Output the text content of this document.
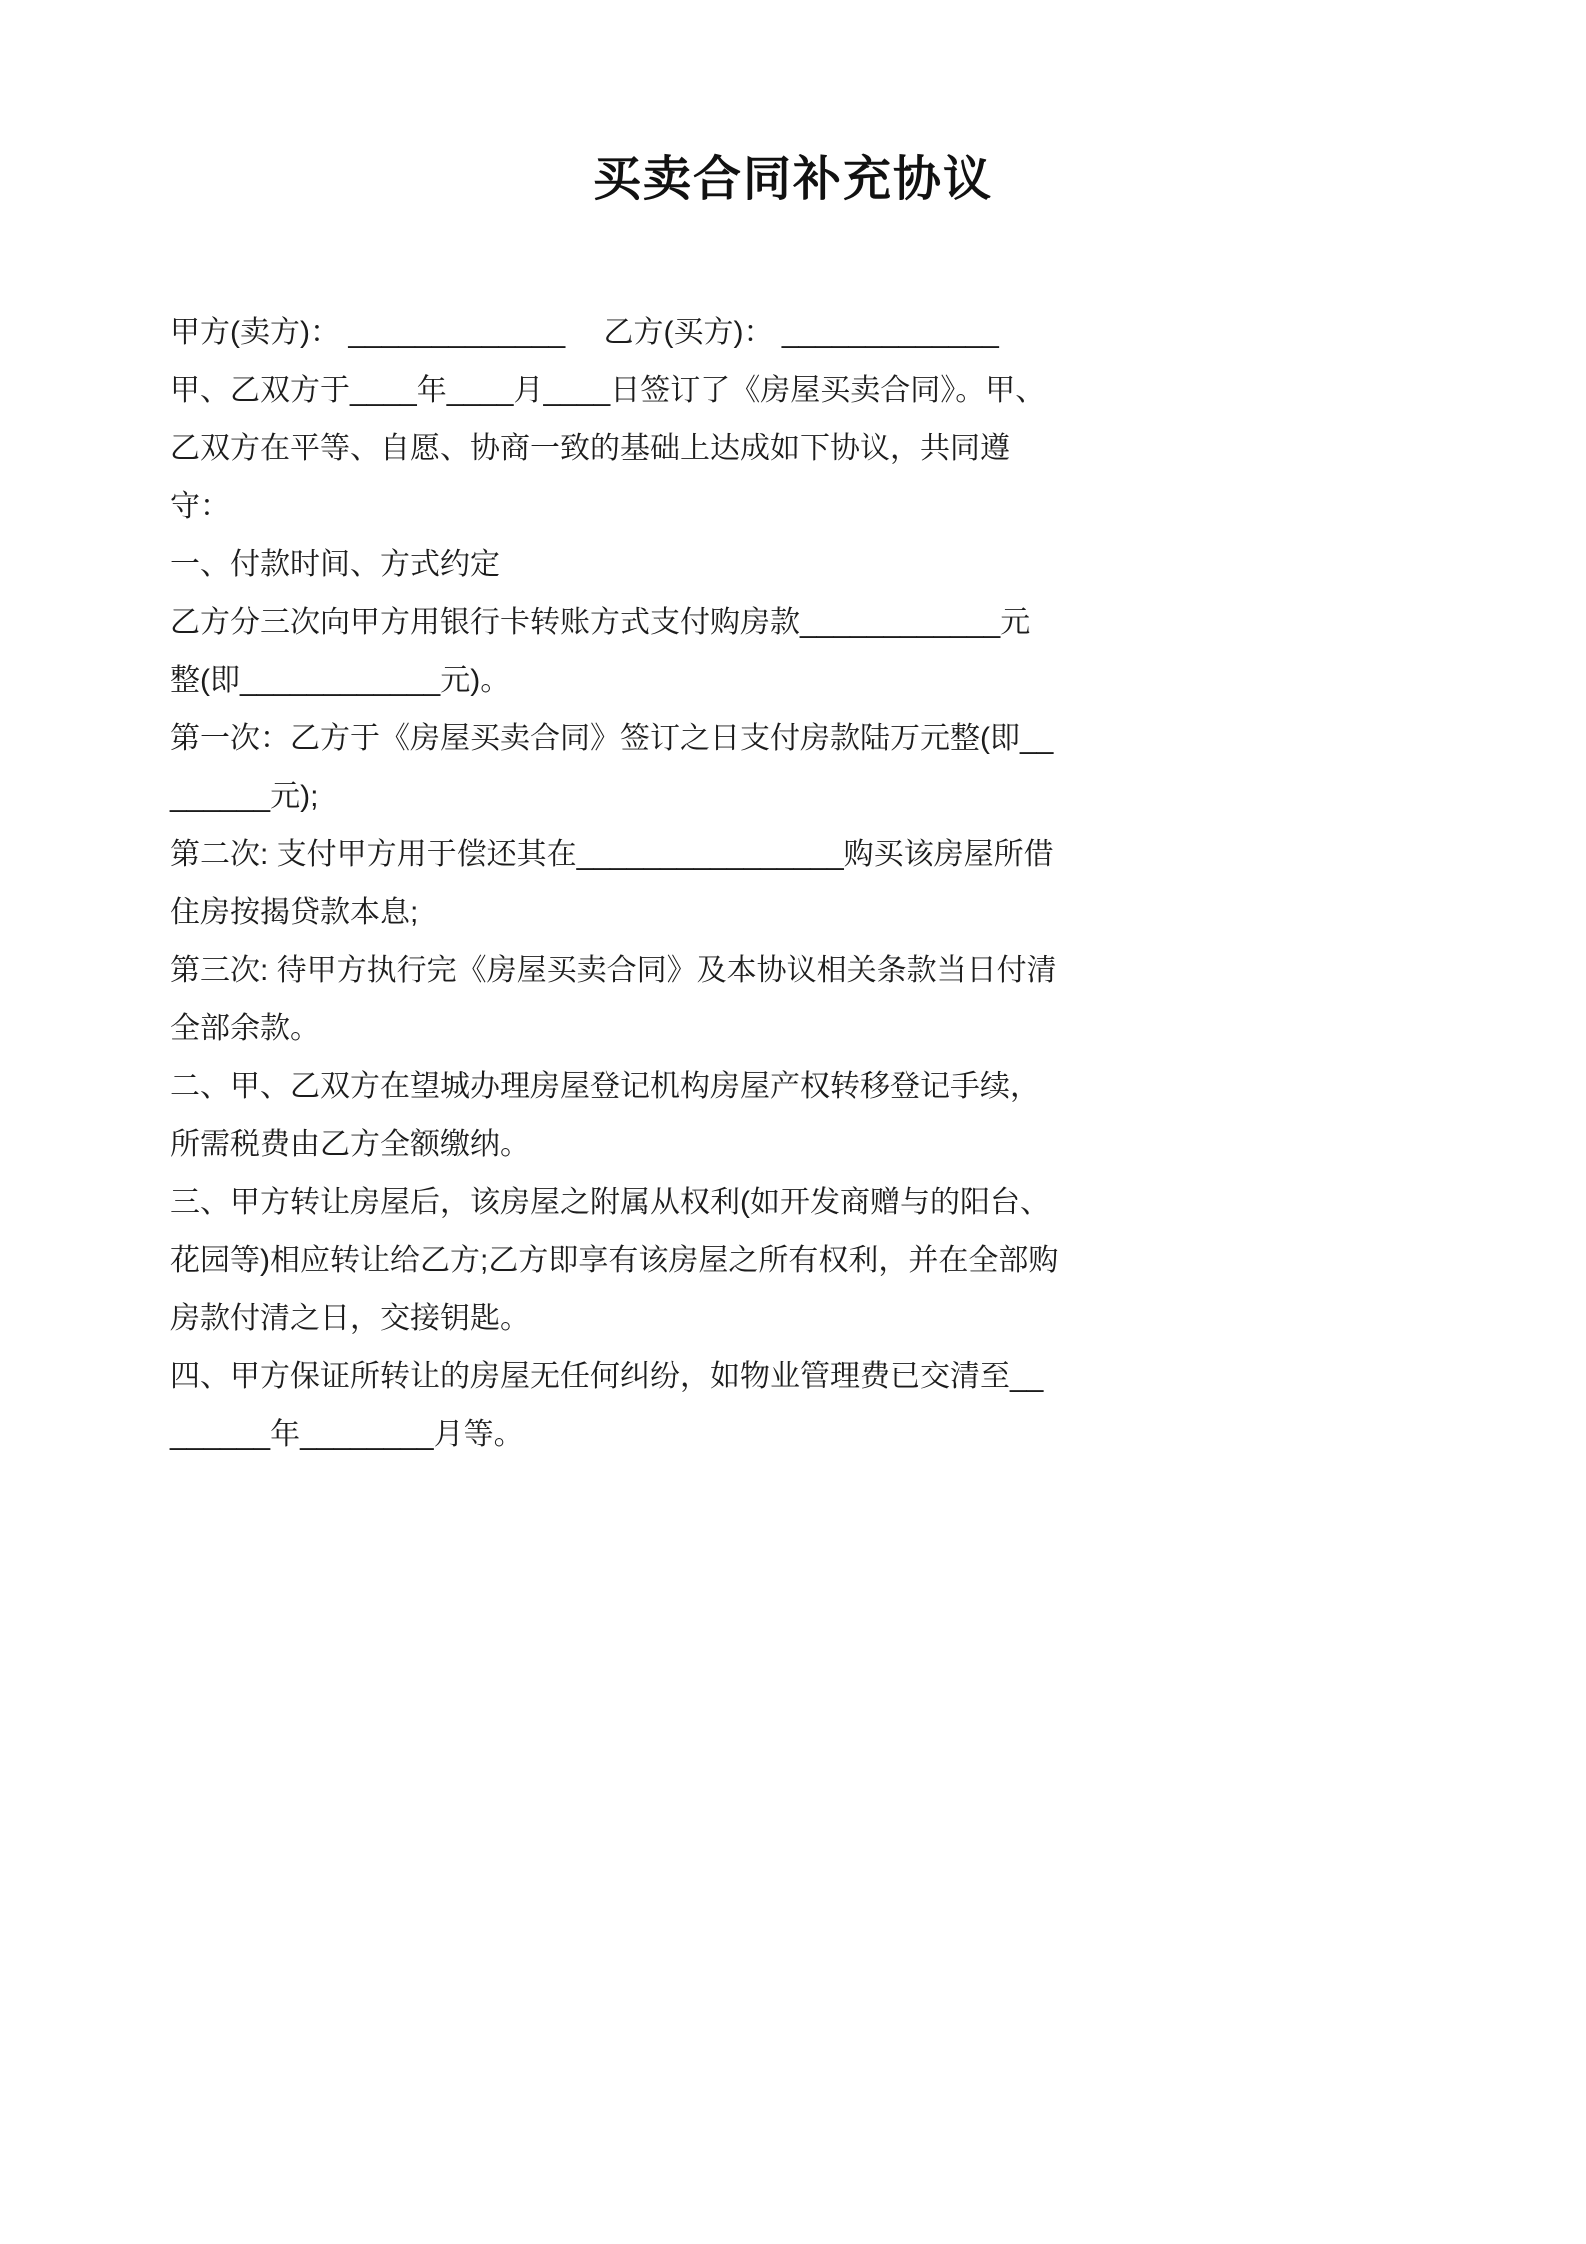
买卖合同补充协议

甲方(卖方)： _____________　 乙方(买方)： _____________

甲、乙双方于____年____月____日签订了《房屋买卖合同》。甲、乙双方在平等、自愿、协商一致的基础上达成如下协议，共同遵守：

一、付款时间、方式约定

乙方分三次向甲方用银行卡转账方式支付购房款____________元整(即____________元)。

第一次：乙方于《房屋买卖合同》签订之日支付房款陆万元整(即________元);

第二次: 支付甲方用于偿还其在________________购买该房屋所借住房按揭贷款本息;

第三次: 待甲方执行完《房屋买卖合同》及本协议相关条款当日付清全部余款。

二、甲、乙双方在望城办理房屋登记机构房屋产权转移登记手续，所需税费由乙方全额缴纳。

三、甲方转让房屋后，该房屋之附属从权利(如开发商赠与的阳台、花园等)相应转让给乙方;乙方即享有该房屋之所有权利，并在全部购房款付清之日，交接钥匙。

四、甲方保证所转让的房屋无任何纠纷，如物业管理费已交清至________年________月等。
